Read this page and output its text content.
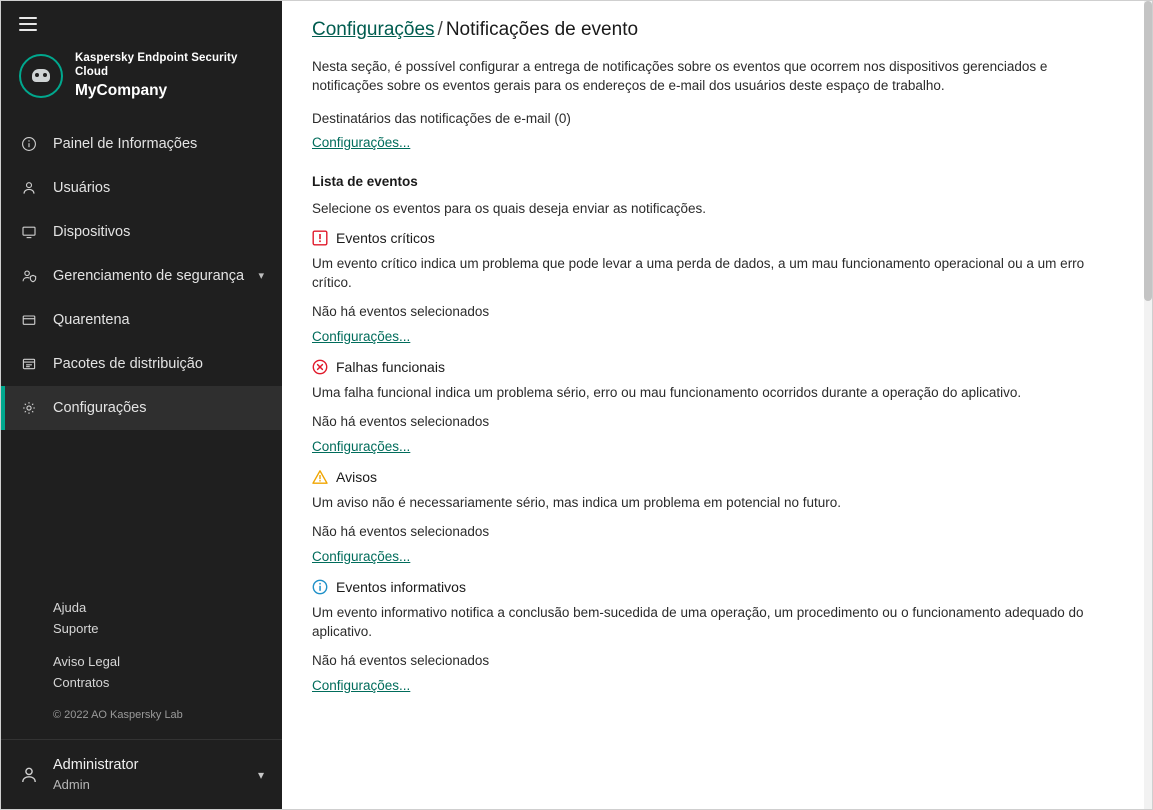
Kaspersky Endpoint Security Cloud
MyCompany
Painel de Informações
Usuários
Dispositivos
Gerenciamento de segurança ▾
Quarentena
Pacotes de distribuição
Configurações
Ajuda
Suporte
Aviso Legal
Contratos
© 2022 AO Kaspersky Lab
Administrator
Admin
▾
Configurações / Notificações de evento
Nesta seção, é possível configurar a entrega de notificações sobre os eventos que ocorrem nos dispositivos gerenciados e notificações sobre os eventos gerais para os endereços de e-mail dos usuários deste espaço de trabalho.
Destinatários das notificações de e-mail (0)
Configurações...
Lista de eventos
Selecione os eventos para os quais deseja enviar as notificações.
Eventos críticos
Um evento crítico indica um problema que pode levar a uma perda de dados, a um mau funcionamento operacional ou a um erro crítico.
Não há eventos selecionados
Configurações...
Falhas funcionais
Uma falha funcional indica um problema sério, erro ou mau funcionamento ocorridos durante a operação do aplicativo.
Não há eventos selecionados
Configurações...
Avisos
Um aviso não é necessariamente sério, mas indica um problema em potencial no futuro.
Não há eventos selecionados
Configurações...
Eventos informativos
Um evento informativo notifica a conclusão bem-sucedida de uma operação, um procedimento ou o funcionamento adequado do aplicativo.
Não há eventos selecionados
Configurações...
